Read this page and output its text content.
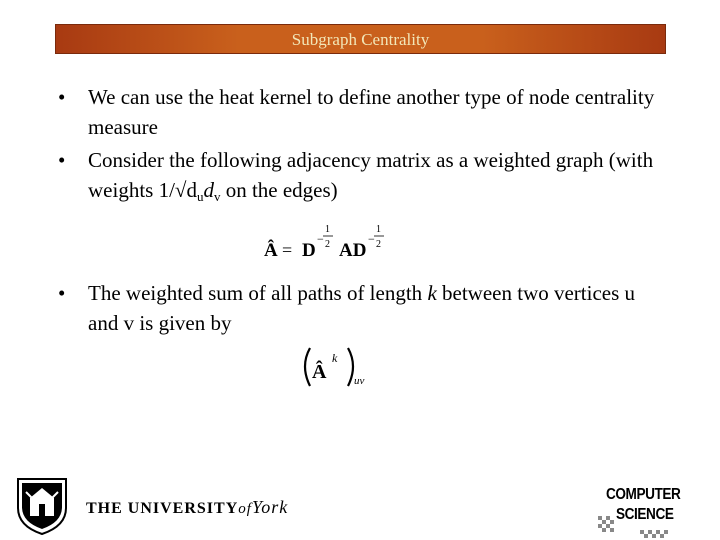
Subgraph Centrality
• We can use the heat kernel to define another type of node centrality measure
• Consider the following adjacency matrix as a weighted graph (with weights $1/√d_ud_v$ on the edges)
Â = D
−
1
2 AD
−
1
2
• The weighted sum of all paths of length k between two vertices u and v is given by
Â
k
uv
THE UNIVERSITYofYork
COMPUTER
SCIENCE
